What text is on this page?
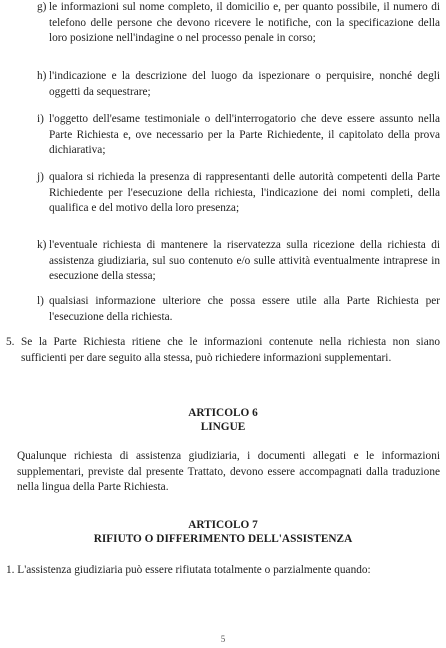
g) le informazioni sul nome completo, il domicilio e, per quanto possibile, il numero di telefono delle persone che devono ricevere le notifiche, con la specificazione della loro posizione nell'indagine o nel processo penale in corso;
h) l'indicazione e la descrizione del luogo da ispezionare o perquisire, nonché degli oggetti da sequestrare;
i) l'oggetto dell'esame testimoniale o dell'interrogatorio che deve essere assunto nella Parte Richiesta e, ove necessario per la Parte Richiedente, il capitolato della prova dichiarativa;
j) qualora si richieda la presenza di rappresentanti delle autorità competenti della Parte Richiedente per l'esecuzione della richiesta, l'indicazione dei nomi completi, della qualifica e del motivo della loro presenza;
k) l'eventuale richiesta di mantenere la riservatezza sulla ricezione della richiesta di assistenza giudiziaria, sul suo contenuto e/o sulle attività eventualmente intraprese in esecuzione della stessa;
l) qualsiasi informazione ulteriore che possa essere utile alla Parte Richiesta per l'esecuzione della richiesta.
5. Se la Parte Richiesta ritiene che le informazioni contenute nella richiesta non siano sufficienti per dare seguito alla stessa, può richiedere informazioni supplementari.
ARTICOLO 6
LINGUE
Qualunque richiesta di assistenza giudiziaria, i documenti allegati e le informazioni supplementari, previste dal presente Trattato, devono essere accompagnati dalla traduzione nella lingua della Parte Richiesta.
ARTICOLO 7
RIFIUTO O DIFFERIMENTO DELL'ASSISTENZA
1. L'assistenza giudiziaria può essere rifiutata totalmente o parzialmente quando:
5
